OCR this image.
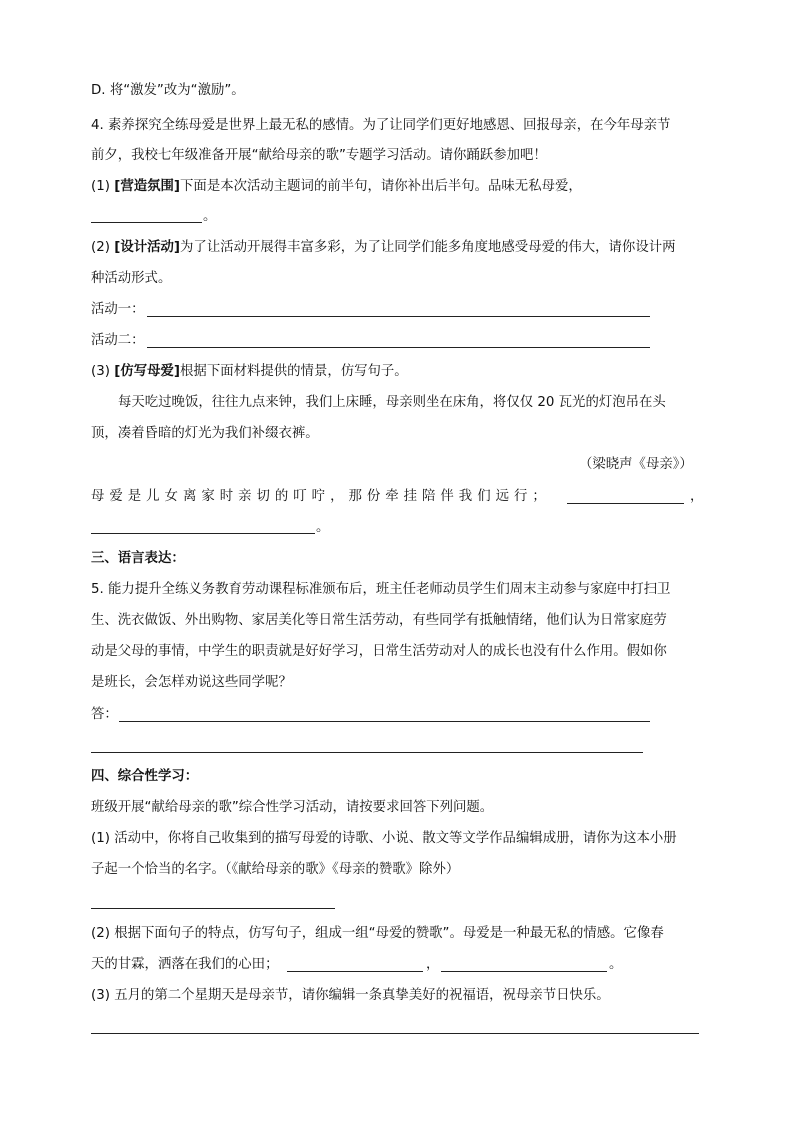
D. 将“激发”改为“激励”。
4. 素养探究全练母爱是世界上最无私的感情。为了让同学们更好地感恩、回报母亲，在今年母亲节
前夕，我校七年级准备开展“献给母亲的歌”专题学习活动。请你踊跃参加吧！
(1) [营造氛围]下面是本次活动主题词的前半句，请你补出后半句。品味无私母爱，
。
(2) [设计活动]为了让活动开展得丰富多彩，为了让同学们能多角度地感受母爱的伟大，请你设计两
种活动形式。
活动一：
活动二：
(3) [仿写母爱]根据下面材料提供的情景，仿写句子。
每天吃过晚饭，往往九点来钟，我们上床睡，母亲则坐在床角，将仅仅 20 瓦光的灯泡吊在头
顶，凑着昏暗的灯光为我们补缀衣裤。
（梁晓声《母亲》）
母爱是儿女离家时亲切的叮咛，那份牵挂陪伴我们远行；	，
。
三、语言表达：
5. 能力提升全练义务教育劳动课程标准颁布后，班主任老师动员学生们周末主动参与家庭中打扫卫
生、洗衣做饭、外出购物、家居美化等日常生活劳动，有些同学有抵触情绪，他们认为日常家庭劳
动是父母的事情，中学生的职责就是好好学习，日常生活劳动对人的成长也没有什么作用。假如你
是班长，会怎样劝说这些同学呢？
答：
四、综合性学习：
班级开展“献给母亲的歌”综合性学习活动，请按要求回答下列问题。
(1) 活动中，你将自己收集到的描写母爱的诗歌、小说、散文等文学作品编辑成册，请你为这本小册
子起一个恰当的名字。（《献给母亲的歌》《母亲的赞歌》除外）
(2) 根据下面句子的特点，仿写句子，组成一组“母爱的赞歌”。母爱是一种最无私的情感。它像春
天的甘霖，洒落在我们的心田；	，	。
(3) 五月的第二个星期天是母亲节，请你编辑一条真挚美好的祝福语，祝母亲节日快乐。
